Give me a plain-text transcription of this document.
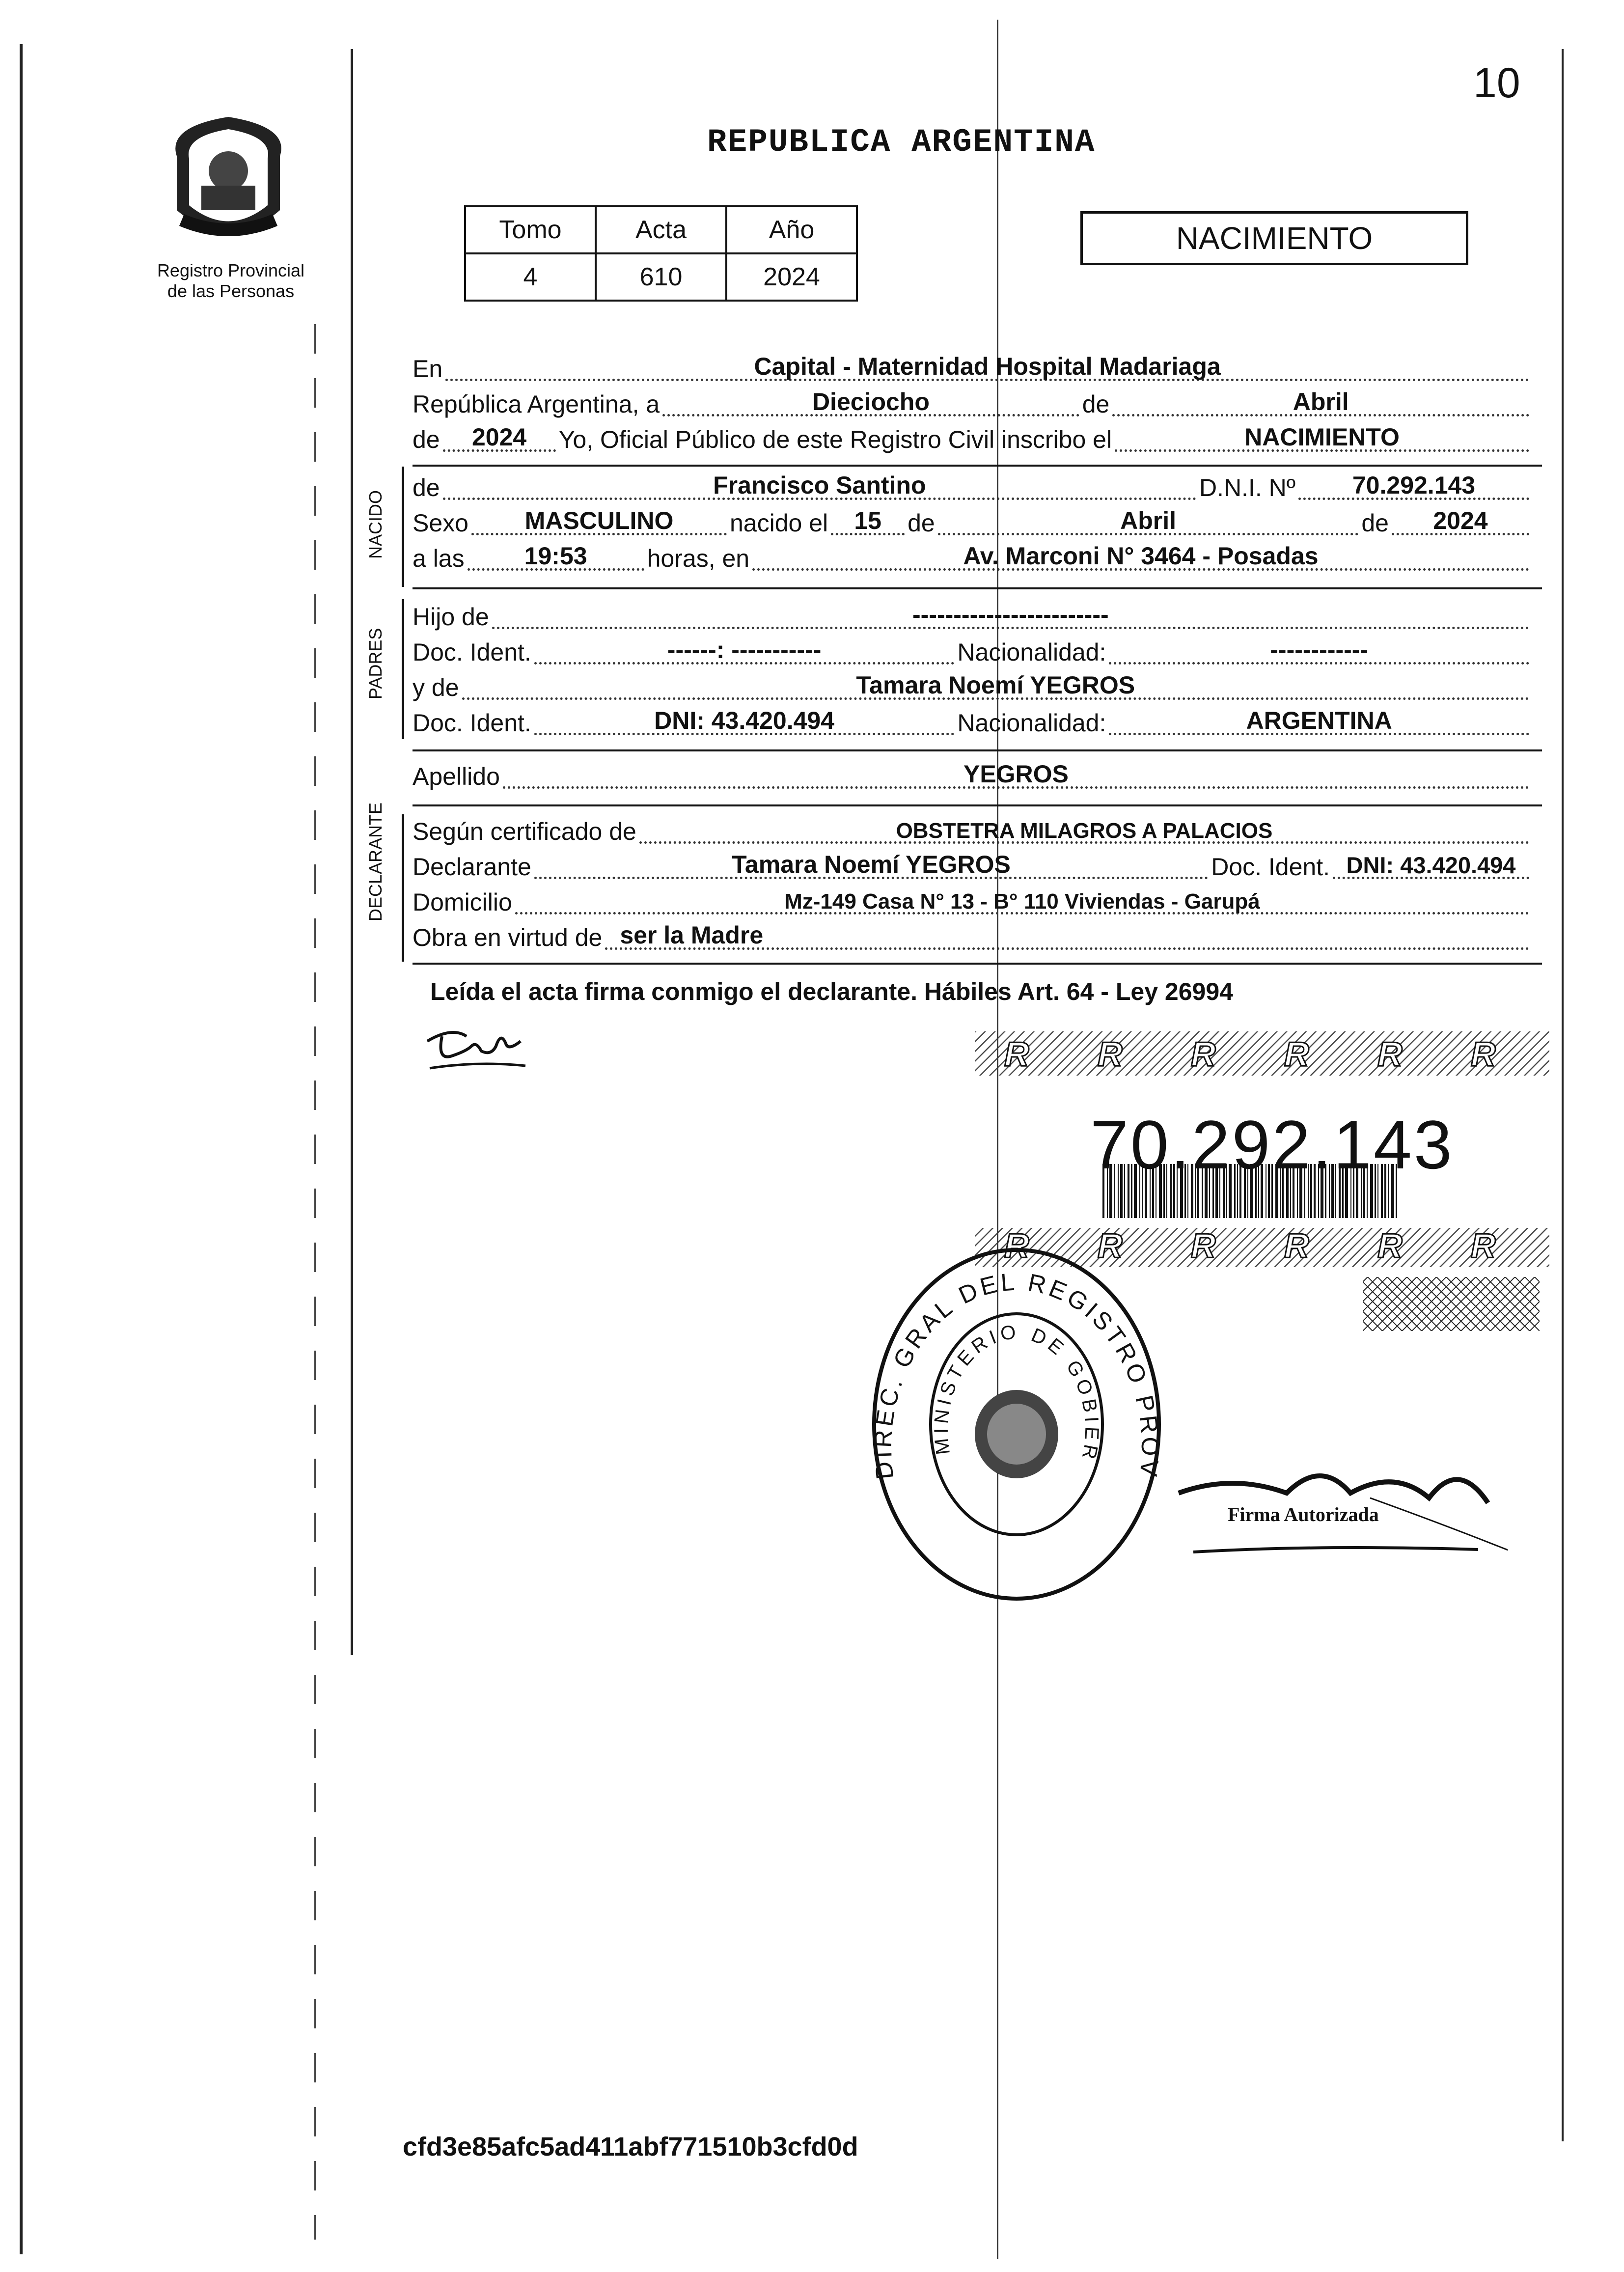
10
Registro Provincial
de las Personas
REPUBLICA ARGENTINA
Tomo	Acta	Año
4	610	2024
NACIMIENTO
En	Capital - Maternidad Hospital Madariaga
República Argentina, a	Dieciocho	de	Abril
de	2024	Yo, Oficial Público de este Registro Civil inscribo el	NACIMIENTO
NACIDO
de	Francisco Santino	D.N.I. Nº	70.292.143
Sexo	MASCULINO	nacido el	15	de	Abril	de	2024
a las	19:53	horas, en	Av. Marconi N° 3464 - Posadas
PADRES
Hijo de	------------------------
Doc. Ident.	------: -----------	Nacionalidad:	------------
y de	Tamara Noemí YEGROS
Doc. Ident.	DNI: 43.420.494	Nacionalidad:	ARGENTINA
Apellido	YEGROS
DECLARANTE Según certificado de	OBSTETRA MILAGROS A PALACIOS
Declarante	Tamara Noemí YEGROS	Doc. Ident. DNI: 43.420.494
Domicilio	Mz-149 Casa N° 13 - B° 110 Viviendas - Garupá
Obra en virtud de ser la Madre
Leída el acta firma conmigo el declarante. Hábiles Art. 64 - Ley 26994
R R R R R R
R R R R R R
70.292.143
DIREC. GRAL DEL REGISTRO PROV
MINISTERIO DE GOBIER
Firma Autorizada
cfd3e85afc5ad411abf771510b3cfd0d
